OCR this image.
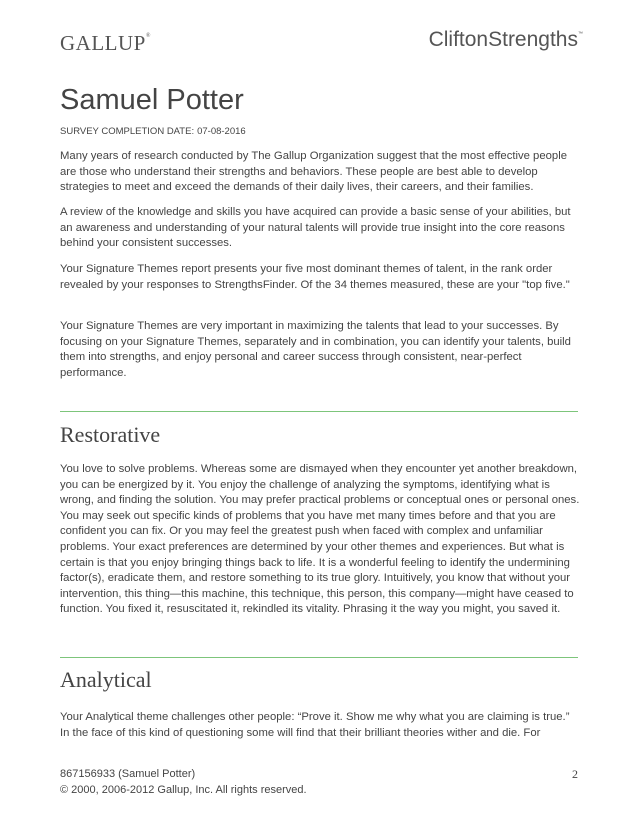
GALLUP®	CliftonStrengths™
Samuel Potter
SURVEY COMPLETION DATE: 07-08-2016

Many years of research conducted by The Gallup Organization suggest that the most effective people are those who understand their strengths and behaviors. These people are best able to develop strategies to meet and exceed the demands of their daily lives, their careers, and their families.

A review of the knowledge and skills you have acquired can provide a basic sense of your abilities, but an awareness and understanding of your natural talents will provide true insight into the core reasons behind your consistent successes.

Your Signature Themes report presents your five most dominant themes of talent, in the rank order revealed by your responses to StrengthsFinder. Of the 34 themes measured, these are your "top five."

Your Signature Themes are very important in maximizing the talents that lead to your successes. By focusing on your Signature Themes, separately and in combination, you can identify your talents, build them into strengths, and enjoy personal and career success through consistent, near-perfect performance.

Restorative

You love to solve problems. Whereas some are dismayed when they encounter yet another breakdown, you can be energized by it. You enjoy the challenge of analyzing the symptoms, identifying what is wrong, and finding the solution. You may prefer practical problems or conceptual ones or personal ones. You may seek out specific kinds of problems that you have met many times before and that you are confident you can fix. Or you may feel the greatest push when faced with complex and unfamiliar problems. Your exact preferences are determined by your other themes and experiences. But what is certain is that you enjoy bringing things back to life. It is a wonderful feeling to identify the undermining factor(s), eradicate them, and restore something to its true glory. Intuitively, you know that without your intervention, this thing—this machine, this technique, this person, this company—might have ceased to function. You fixed it, resuscitated it, rekindled its vitality. Phrasing it the way you might, you saved it.

Analytical

Your Analytical theme challenges other people: “Prove it. Show me why what you are claiming is true.” In the face of this kind of questioning some will find that their brilliant theories wither and die. For

867156933 (Samuel Potter)
© 2000, 2006-2012 Gallup, Inc. All rights reserved.
2
